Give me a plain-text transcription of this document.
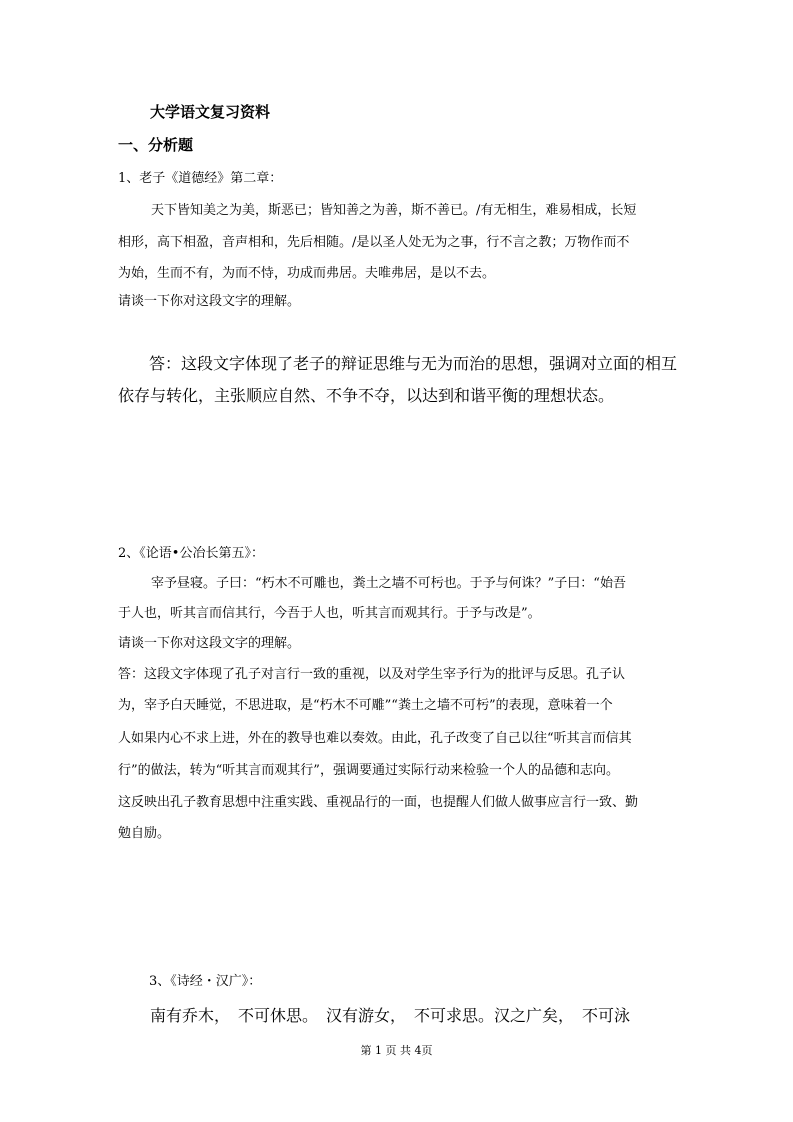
大学语文复习资料
一、分析题
1、老子《道德经》第二章：
天下皆知美之为美，斯恶已；皆知善之为善，斯不善已。/有无相生，难易相成，长短
相形，高下相盈，音声相和，先后相随。/是以圣人处无为之事，行不言之教；万物作而不
为始，生而不有，为而不恃，功成而弗居。夫唯弗居，是以不去。
请谈一下你对这段文字的理解。
答：这段文字体现了老子的辩证思维与无为而治的思想，强调对立面的相互
依存与转化，主张顺应自然、不争不夺，以达到和谐平衡的理想状态。
2、《论语•公冶长第五》：
宰予昼寝。子曰：“朽木不可雕也，粪土之墙不可杇也。于予与何诛？”子曰：“始吾
于人也，听其言而信其行，今吾于人也，听其言而观其行。于予与改是”。
请谈一下你对这段文字的理解。
答：这段文字体现了孔子对言行一致的重视，以及对学生宰予行为的批评与反思。孔子认
为，宰予白天睡觉，不思进取，是“朽木不可雕”“粪土之墙不可杇”的表现，意味着一个
人如果内心不求上进，外在的教导也难以奏效。由此，孔子改变了自己以往“听其言而信其
行”的做法，转为“听其言而观其行”，强调要通过实际行动来检验一个人的品德和志向。
这反映出孔子教育思想中注重实践、重视品行的一面，也提醒人们做人做事应言行一致、勤
勉自励。
3、《诗经・汉广》：
南有乔木，　不可休思。　汉有游女，　不可求思。汉之广矣，　不可泳
第 1 页 共 4页
